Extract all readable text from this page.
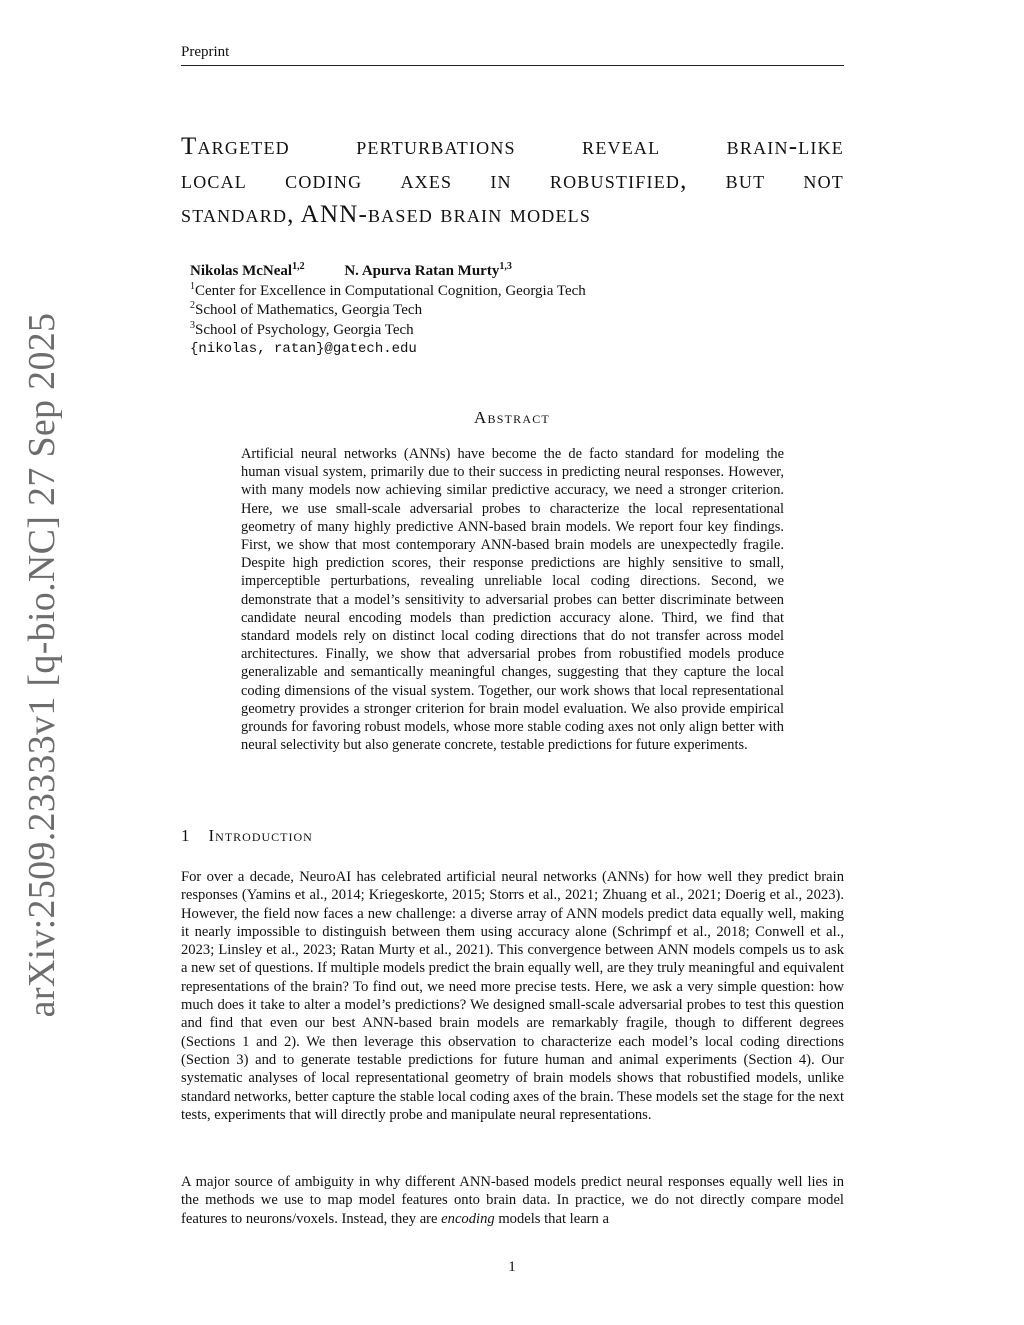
Preprint
arXiv:2509.23333v1 [q-bio.NC] 27 Sep 2025
Targeted perturbations reveal brain-like
local coding axes in robustified, but not
standard, ANN-based brain models
Nikolas McNeal$^{1,2}$	N. Apurva Ratan Murty$^{1,3}$
$^1$Center for Excellence in Computational Cognition, Georgia Tech
$^2$School of Mathematics, Georgia Tech
$^3$School of Psychology, Georgia Tech
{nikolas, ratan}@gatech.edu
Abstract
Artificial neural networks (ANNs) have become the de facto standard for modeling the human visual system, primarily due to their success in predicting neural responses. However, with many models now achieving similar predictive accuracy, we need a stronger criterion. Here, we use small-scale adversarial probes to characterize the local representational geometry of many highly predictive ANN-based brain models. We report four key findings. First, we show that most contemporary ANN-based brain models are unexpectedly fragile. Despite high prediction scores, their response predictions are highly sensitive to small, imperceptible perturbations, revealing unreliable local coding directions. Second, we demonstrate that a model’s sensitivity to adversarial probes can better discriminate between candidate neural encoding models than prediction accuracy alone. Third, we find that standard models rely on distinct local coding directions that do not transfer across model architectures. Finally, we show that adversarial probes from robustified models produce generalizable and semantically meaningful changes, suggesting that they capture the local coding dimensions of the visual system. Together, our work shows that local representational geometry provides a stronger criterion for brain model evaluation. We also provide empirical grounds for favoring robust models, whose more stable coding axes not only align better with neural selectivity but also generate concrete, testable predictions for future experiments.
1 Introduction
For over a decade, NeuroAI has celebrated artificial neural networks (ANNs) for how well they predict brain responses (Yamins et al., 2014; Kriegeskorte, 2015; Storrs et al., 2021; Zhuang et al., 2021; Doerig et al., 2023). However, the field now faces a new challenge: a diverse array of ANN models predict data equally well, making it nearly impossible to distinguish between them using accuracy alone (Schrimpf et al., 2018; Conwell et al., 2023; Linsley et al., 2023; Ratan Murty et al., 2021). This convergence between ANN models compels us to ask a new set of questions. If multiple models predict the brain equally well, are they truly meaningful and equivalent representations of the brain? To find out, we need more precise tests. Here, we ask a very simple question: how much does it take to alter a model’s predictions? We designed small-scale adversarial probes to test this question and find that even our best ANN-based brain models are remarkably fragile, though to different degrees (Sections 1 and 2). We then leverage this observation to characterize each model’s local coding directions (Section 3) and to generate testable predictions for future human and animal experiments (Section 4). Our systematic analyses of local representational geometry of brain models shows that robustified models, unlike standard networks, better capture the stable local coding axes of the brain. These models set the stage for the next tests, experiments that will directly probe and manipulate neural representations.
A major source of ambiguity in why different ANN-based models predict neural responses equally well lies in the methods we use to map model features onto brain data. In practice, we do not directly compare model features to neurons/voxels. Instead, they are encoding models that learn a
1
